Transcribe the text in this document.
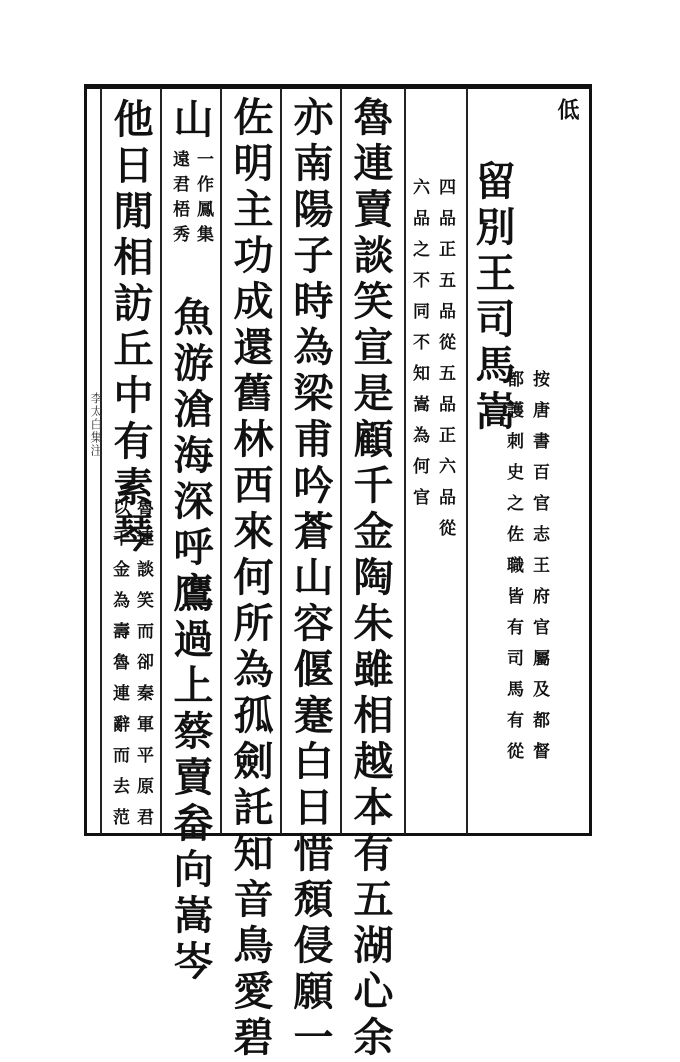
低
留別王司馬嵩
按唐書百官志王府官屬及都督
都護刺史之佐職皆有司馬有從
四品正五品從五品正六品從
六品之不同不知嵩為何官
魯連賣談笑宣是顧千金陶朱雖相越本有五湖心余
亦南陽子時為梁甫吟蒼山容偃蹇白日惜頹侵願一
佐明主功成還舊林西來何所為孤劍託知音鳥愛碧
山
一作鳳集
遠君梧秀
魚游滄海深呼鷹過上蔡賣畚向嵩岑
他日閒相訪丘中有素琴
魯連談笑而卻秦軍平原君
以千金為壽魯連辭而去范
李太白集注
